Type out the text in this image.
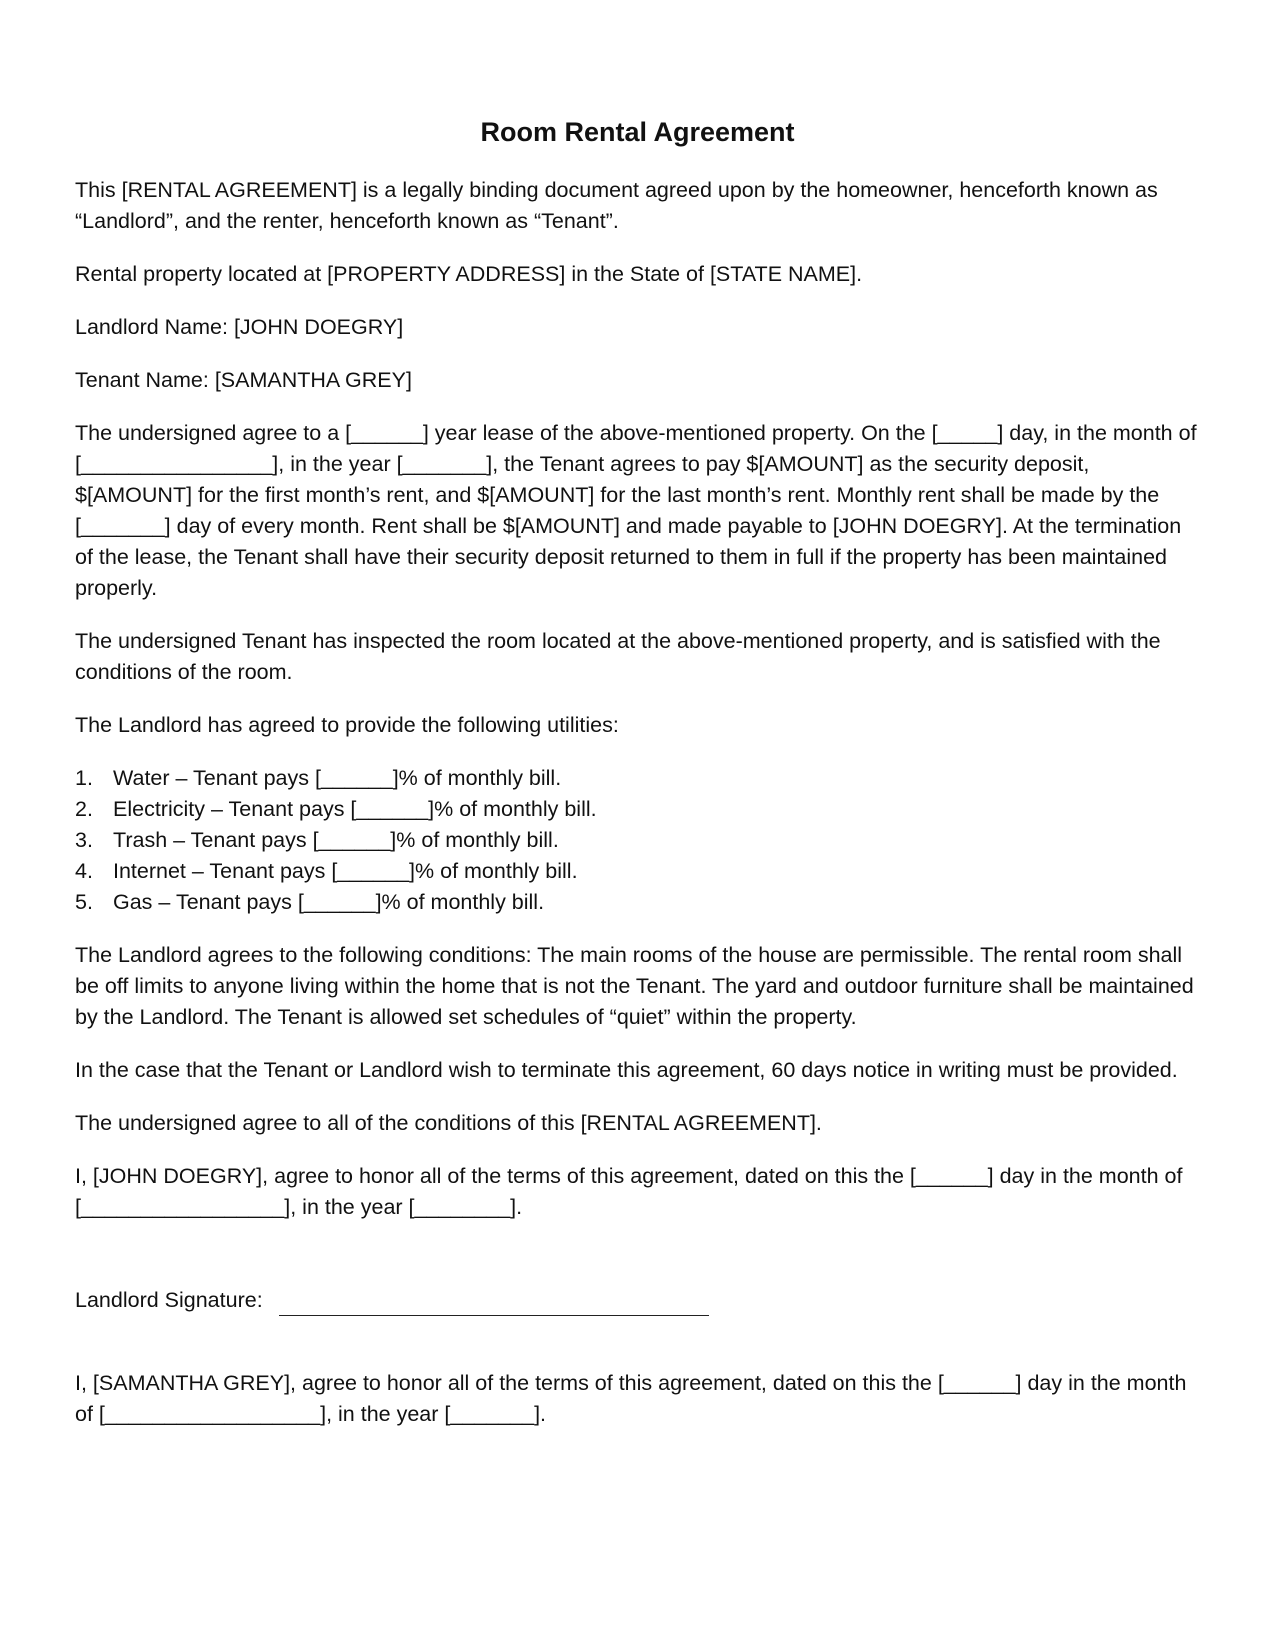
Room Rental Agreement

This [RENTAL AGREEMENT] is a legally binding document agreed upon by the homeowner, henceforth known as “Landlord”, and the renter, henceforth known as “Tenant”.

Rental property located at [PROPERTY ADDRESS] in the State of [STATE NAME].

Landlord Name: [JOHN DOEGRY]

Tenant Name: [SAMANTHA GREY]

The undersigned agree to a [______] year lease of the above-mentioned property. On the [_____] day, in the month of [________________], in the year [_______], the Tenant agrees to pay $[AMOUNT] as the security deposit, $[AMOUNT] for the first month’s rent, and $[AMOUNT] for the last month’s rent. Monthly rent shall be made by the [_______] day of every month. Rent shall be $[AMOUNT] and made payable to [JOHN DOEGRY]. At the termination of the lease, the Tenant shall have their security deposit returned to them in full if the property has been maintained properly.

The undersigned Tenant has inspected the room located at the above-mentioned property, and is satisfied with the conditions of the room.

The Landlord has agreed to provide the following utilities:

1. Water – Tenant pays [______]% of monthly bill.
2. Electricity – Tenant pays [______]% of monthly bill.
3. Trash – Tenant pays [______]% of monthly bill.
4. Internet – Tenant pays [______]% of monthly bill.
5. Gas – Tenant pays [______]% of monthly bill.

The Landlord agrees to the following conditions: The main rooms of the house are permissible. The rental room shall be off limits to anyone living within the home that is not the Tenant. The yard and outdoor furniture shall be maintained by the Landlord. The Tenant is allowed set schedules of “quiet” within the property.

In the case that the Tenant or Landlord wish to terminate this agreement, 60 days notice in writing must be provided.

The undersigned agree to all of the conditions of this [RENTAL AGREEMENT].

I, [JOHN DOEGRY], agree to honor all of the terms of this agreement, dated on this the [______] day in the month of [_________________], in the year [________].

Landlord Signature:

I, [SAMANTHA GREY], agree to honor all of the terms of this agreement, dated on this the [______] day in the month of [__________________], in the year [_______].
